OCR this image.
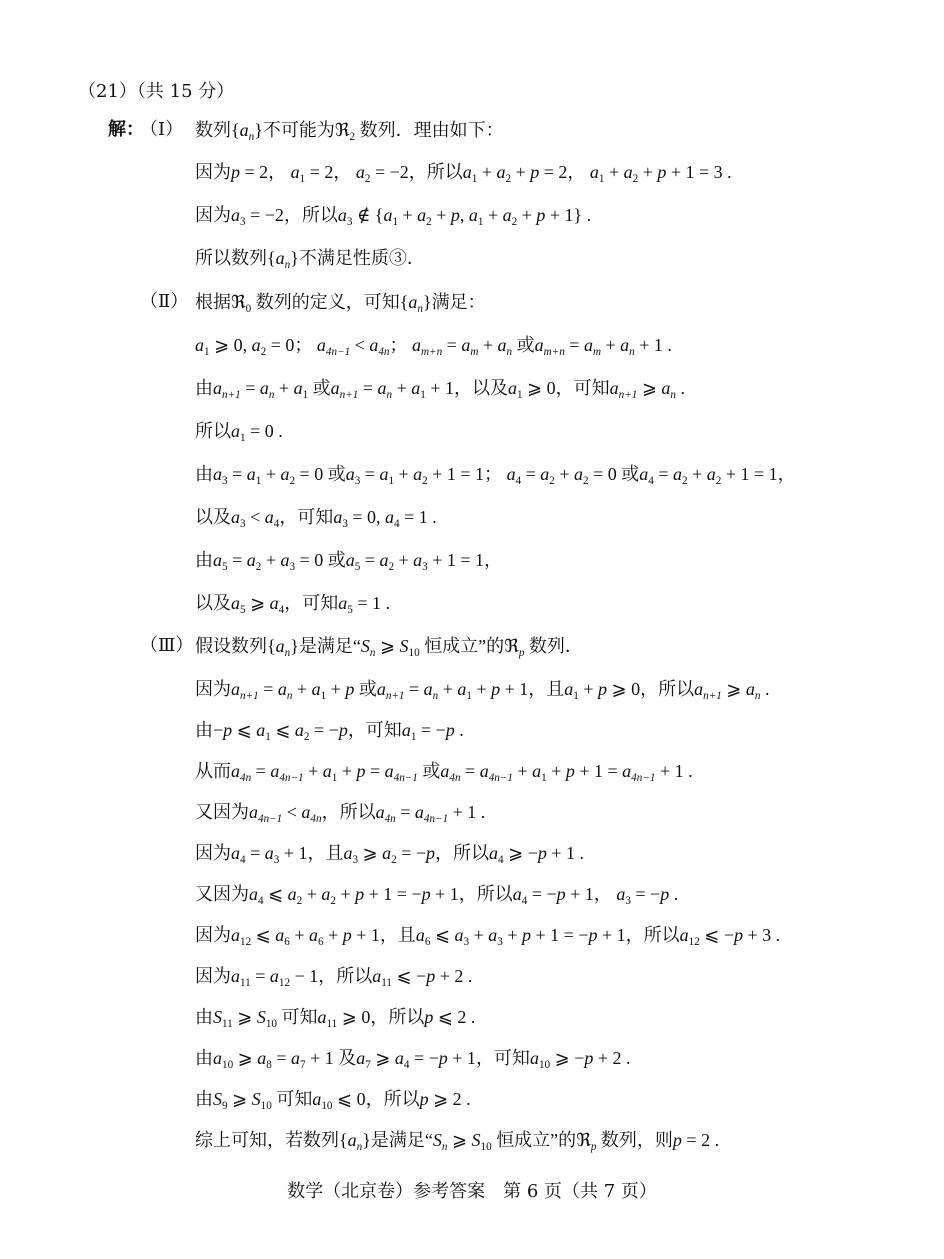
（21）（共 15 分）
解：
（Ⅰ） 数列$\{a_n\}$不可能为ℜ$_2$ 数列．理由如下：
因为p = 2， $a_1 = 2$， $a_2 = -2$，所以$a_1 + a_2 + p = 2$， $a_1 + a_2 + p + 1 = 3$ .
因为$a_3 = -2$，所以$a_3$ ∉ {$a_1 + a_2 + p$, $a_1 + a_2 + p + 1$} .
所以数列$\{a_n\}$不满足性质③．
（Ⅱ） 根据ℜ$_0$ 数列的定义，可知$\{a_n\}$满足：
$a_1$ ⩾ 0, $a_2 = 0$； $a_{4n-1} < a_{4n}$； $a_{m+n} = a_m + a_n$ 或$a_{m+n} = a_m + a_n + 1$ .
由$a_{n+1} = a_n + a_1$ 或$a_{n+1} = a_n + a_1 + 1$，以及$a_1$ ⩾ 0，可知$a_{n+1}$ ⩾ $a_n$ .
所以$a_1 = 0$ .
由$a_3 = a_1 + a_2 = 0$ 或$a_3 = a_1 + a_2 + 1 = 1$； $a_4 = a_2 + a_2 = 0$ 或$a_4 = a_2 + a_2 + 1 = 1$，
以及$a_3 < a_4$，可知$a_3 = 0$, $a_4 = 1$ .
由$a_5 = a_2 + a_3 = 0$ 或$a_5 = a_2 + a_3 + 1 = 1$，
以及$a_5$ ⩾ $a_4$，可知$a_5 = 1$ .
（Ⅲ） 假设数列$\{a_n\}$是满足“$S_n$ ⩾ $S_{10}$ 恒成立”的ℜ$_p$ 数列．
因为$a_{n+1} = a_n + a_1 + p$ 或$a_{n+1} = a_n + a_1 + p + 1$，且$a_1 + p$ ⩾ 0，所以$a_{n+1}$ ⩾ $a_n$ .
由−p ⩽ $a_1$ ⩽ $a_2 = -p$，可知$a_1 = -p$ .
从而$a_{4n} = a_{4n-1} + a_1 + p = a_{4n-1}$ 或$a_{4n} = a_{4n-1} + a_1 + p + 1 = a_{4n-1} + 1$ .
又因为$a_{4n-1} < a_{4n}$，所以$a_{4n} = a_{4n-1} + 1$ .
因为$a_4 = a_3 + 1$，且$a_3$ ⩾ $a_2 = -p$，所以$a_4$ ⩾ −p + 1 .
又因为$a_4$ ⩽ $a_2 + a_2 + p + 1 = -p + 1$，所以$a_4 = -p + 1$， $a_3 = -p$ .
因为$a_{12}$ ⩽ $a_6 + a_6 + p + 1$，且$a_6$ ⩽ $a_3 + a_3 + p + 1 = -p + 1$，所以$a_{12}$ ⩽ −p + 3 .
因为$a_{11} = a_{12} - 1$，所以$a_{11}$ ⩽ −p + 2 .
由$S_{11}$ ⩾ $S_{10}$ 可知$a_{11}$ ⩾ 0，所以p ⩽ 2 .
由$a_{10}$ ⩾ $a_8 = a_7 + 1$ 及$a_7$ ⩾ $a_4 = -p + 1$，可知$a_{10}$ ⩾ −p + 2 .
由$S_9$ ⩾ $S_{10}$ 可知$a_{10}$ ⩽ 0，所以p ⩾ 2 .
综上可知，若数列$\{a_n\}$是满足“$S_n$ ⩾ $S_{10}$ 恒成立”的ℜ$_p$ 数列，则p = 2 .
数学（北京卷）参考答案　第 6 页（共 7 页）
